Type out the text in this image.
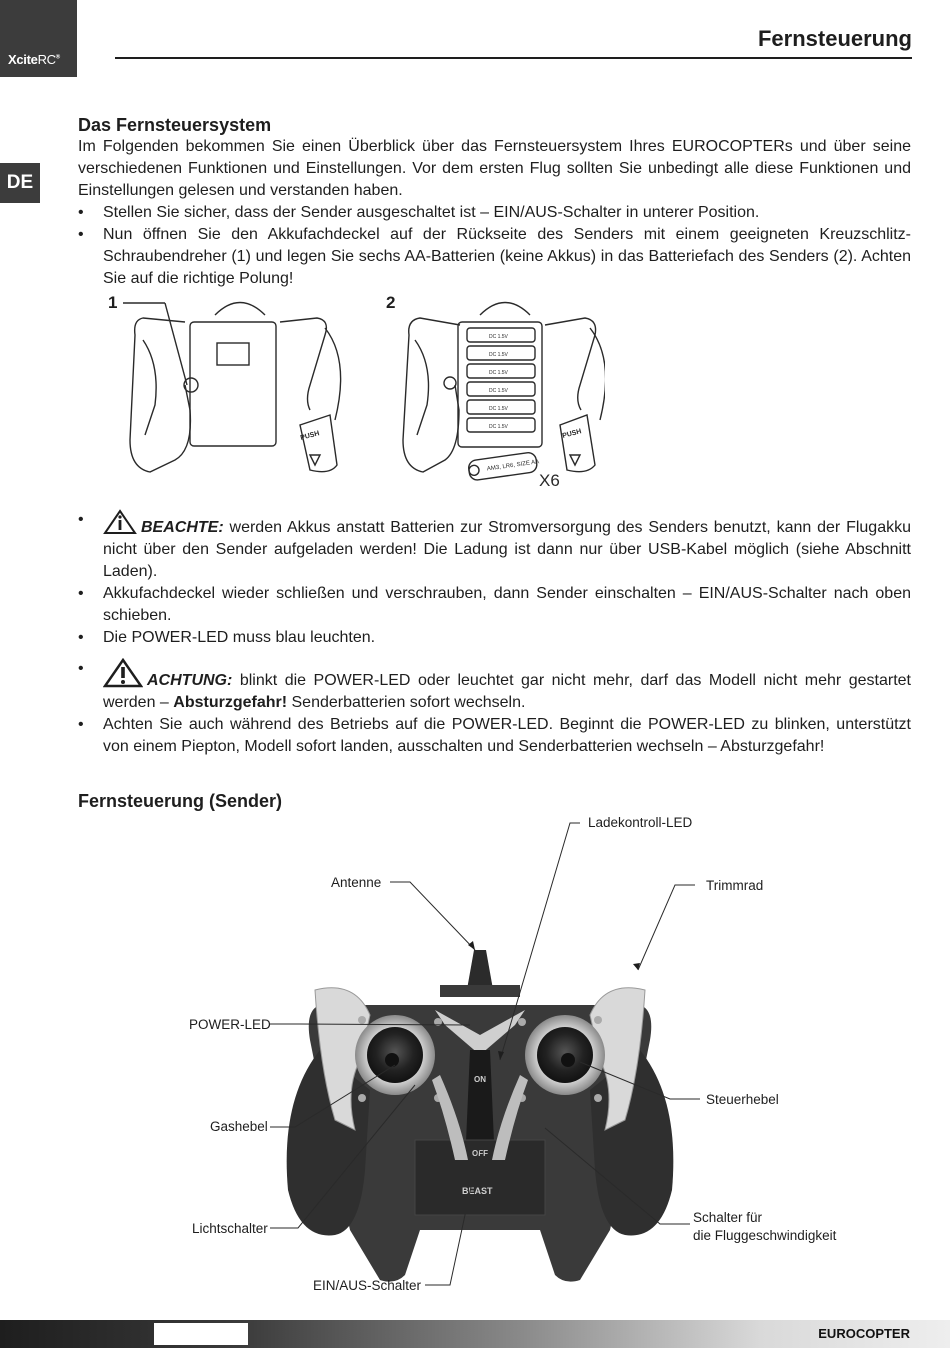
XciteRC®
Fernsteuerung
DE
Das Fernsteuersystem

Im Folgenden bekommen Sie einen Überblick über das Fernsteuersystem Ihres EUROCOPTERs und über seine verschiedenen Funktionen und Einstellungen. Vor dem ersten Flug sollten Sie unbedingt alle diese Funktionen und Einstellungen gelesen und verstanden haben.

• Stellen Sie sicher, dass der Sender ausgeschaltet ist – EIN/AUS-Schalter in unterer Position.
• Nun öffnen Sie den Akkufachdeckel auf der Rückseite des Senders mit einem geeigneten Kreuzschlitz-Schraubendreher (1) und legen Sie sechs AA-Batterien (keine Akkus) in das Batteriefach des Senders (2). Achten Sie auf die richtige Polung!
1	2
PUSH	PUSH
AM3, LR6, SIZE AA
DC 1.5V
DC 1.5V
DC 1.5V
DC 1.5V
DC 1.5V
DC 1.5V
X6
• BEACHTE: werden Akkus anstatt Batterien zur Stromversorgung des Senders benutzt, kann der Flugakku nicht über den Sender aufgeladen werden! Die Ladung ist dann nur über USB-Kabel möglich (siehe Abschnitt Laden).
• Akkufachdeckel wieder schließen und verschrauben, dann Sender einschalten – EIN/AUS-Schalter nach oben schieben.
• Die POWER-LED muss blau leuchten.
• ACHTUNG: blinkt die POWER-LED oder leuchtet gar nicht mehr, darf das Modell nicht mehr gestartet werden – Absturzgefahr! Senderbatterien sofort wechseln.
• Achten Sie auch während des Betriebs auf die POWER-LED. Beginnt die POWER-LED zu blinken, unterstützt von einem Piepton, Modell sofort landen, ausschalten und Senderbatterien wechseln – Absturzgefahr!
Fernsteuerung (Sender)
ON
OFF
BEAST
Ladekontroll-LED
Antenne	Trimmrad
POWER-LED
Steuerhebel
Gashebel
Lichtschalter
Schalter für
die Fluggeschwindigkeit
EIN/AUS-Schalter
EUROCOPTER
